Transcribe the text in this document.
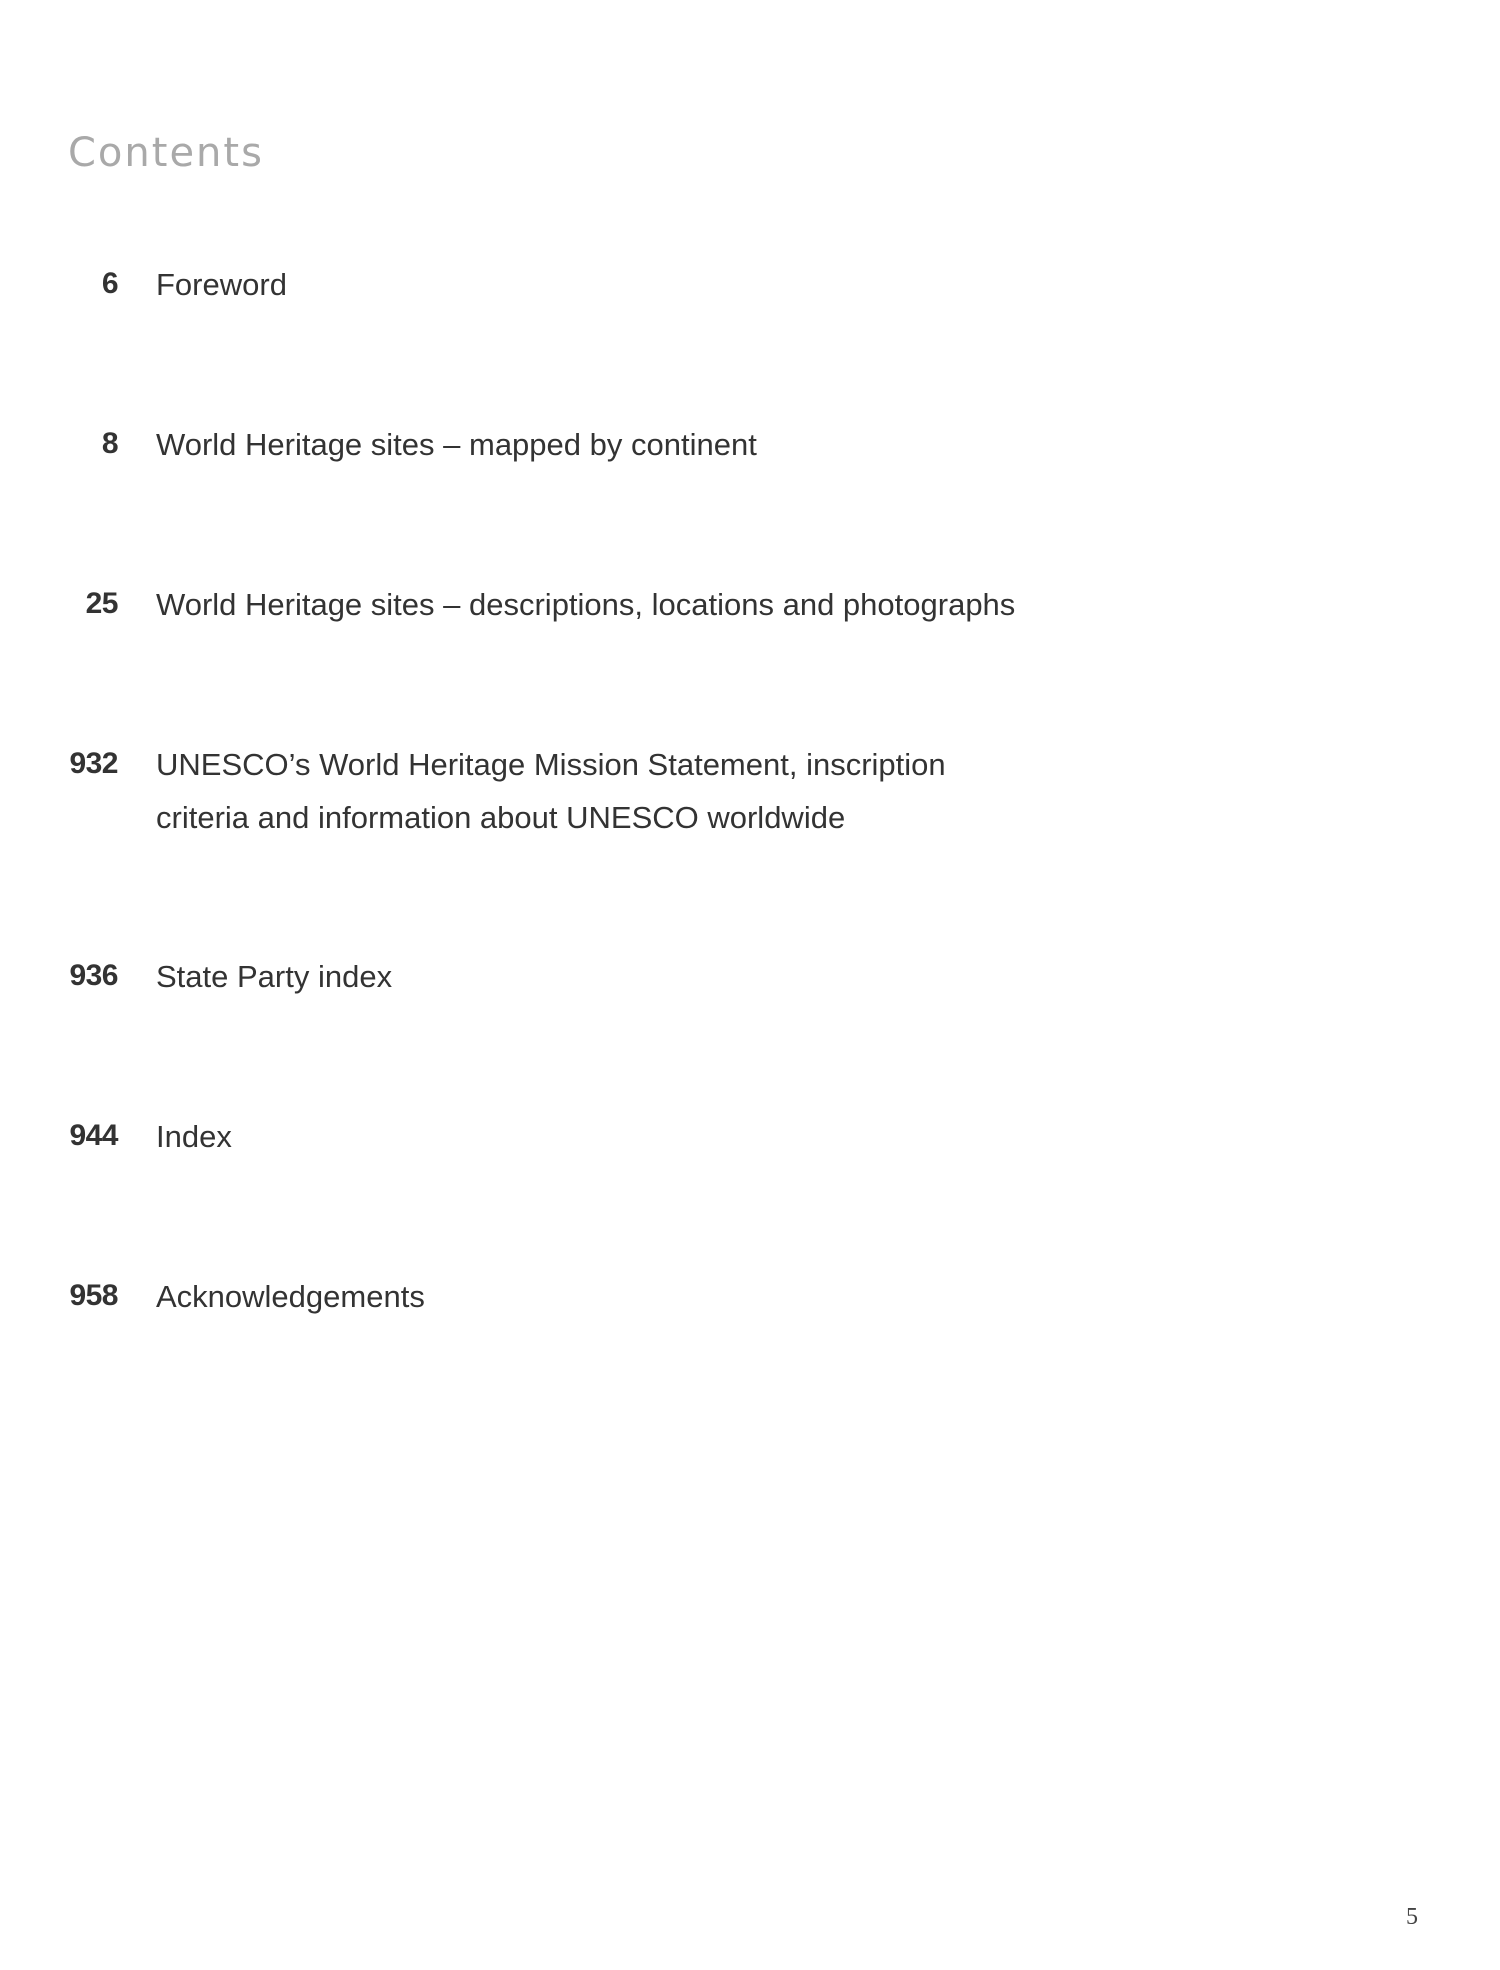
Contents
6 Foreword
8 World Heritage sites – mapped by continent
25 World Heritage sites – descriptions, locations and photographs
932 UNESCO’s World Heritage Mission Statement, inscription
criteria and information about UNESCO worldwide
936 State Party index
944 Index
958 Acknowledgements
5
